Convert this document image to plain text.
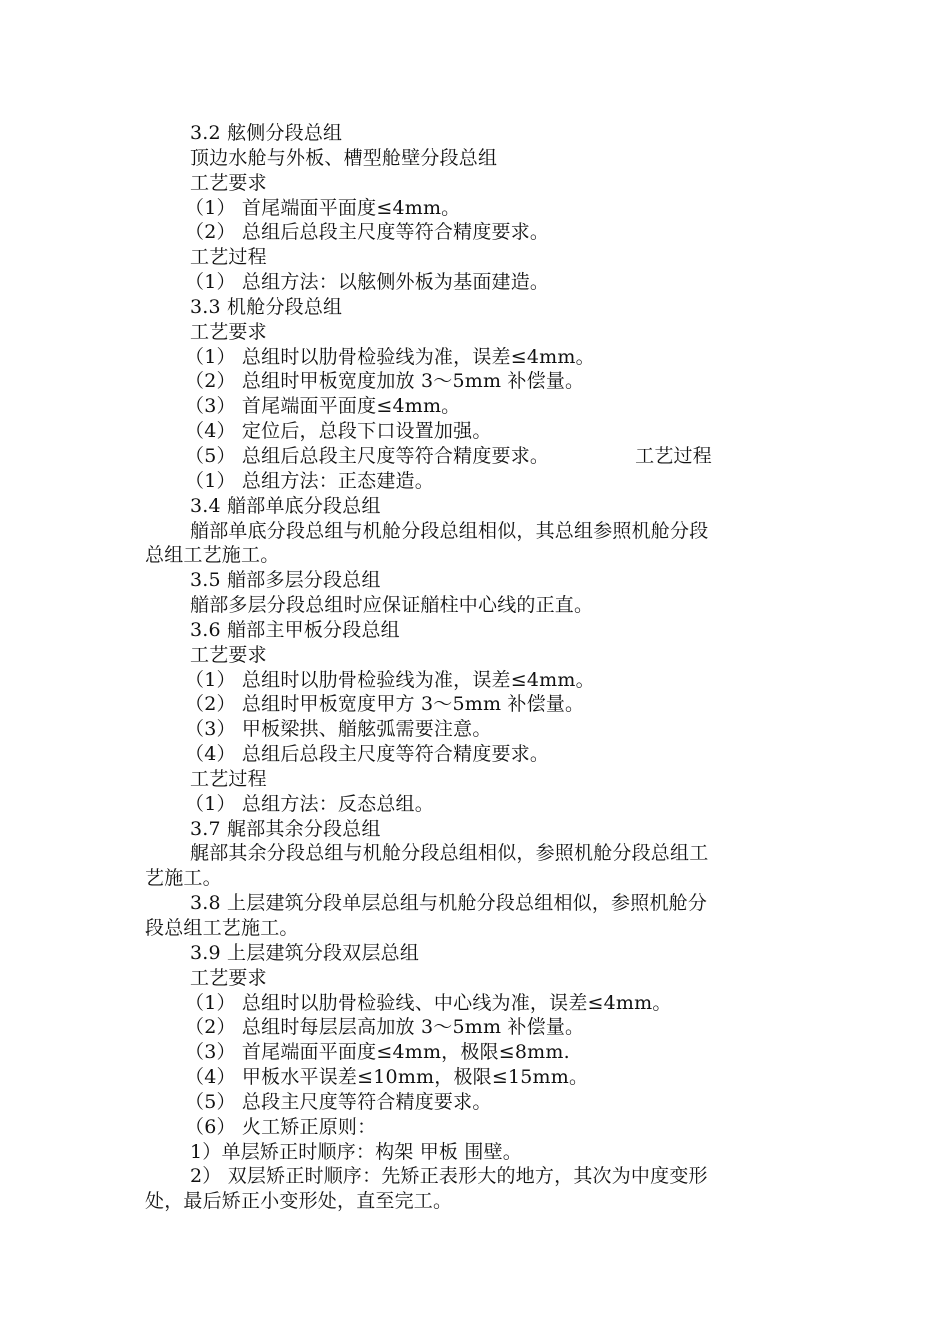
3.2 舷侧分段总组
顶边水舱与外板、槽型舱壁分段总组
工艺要求
（1） 首尾端面平面度≤4mm。
（2） 总组后总段主尺度等符合精度要求。
工艺过程
（1） 总组方法：以舷侧外板为基面建造。
3.3 机舱分段总组
工艺要求
（1） 总组时以肋骨检验线为准，误差≤4mm。
（2） 总组时甲板宽度加放 3～5mm 补偿量。
（3） 首尾端面平面度≤4mm。
（4） 定位后，总段下口设置加强。
（5） 总组后总段主尺度等符合精度要求。	工艺过程
（1） 总组方法：正态建造。
3.4 艏部单底分段总组
艏部单底分段总组与机舱分段总组相似，其总组参照机舱分段
总组工艺施工。
3.5 艏部多层分段总组
艏部多层分段总组时应保证艏柱中心线的正直。
3.6 艏部主甲板分段总组
工艺要求
（1） 总组时以肋骨检验线为准，误差≤4mm。
（2） 总组时甲板宽度甲方 3～5mm 补偿量。
（3） 甲板梁拱、艏舷弧需要注意。
（4） 总组后总段主尺度等符合精度要求。
工艺过程
（1） 总组方法：反态总组。
3.7 艉部其余分段总组
艉部其余分段总组与机舱分段总组相似，参照机舱分段总组工
艺施工。
3.8 上层建筑分段单层总组与机舱分段总组相似，参照机舱分
段总组工艺施工。
3.9 上层建筑分段双层总组
工艺要求
（1） 总组时以肋骨检验线、中心线为准，误差≤4mm。
（2） 总组时每层层高加放 3～5mm 补偿量。
（3） 首尾端面平面度≤4mm，极限≤8mm.
（4） 甲板水平误差≤10mm，极限≤15mm。
（5） 总段主尺度等符合精度要求。
（6） 火工矫正原则：
1）单层矫正时顺序：构架 甲板 围壁。
2） 双层矫正时顺序：先矫正表形大的地方，其次为中度变形
处，最后矫正小变形处，直至完工。
